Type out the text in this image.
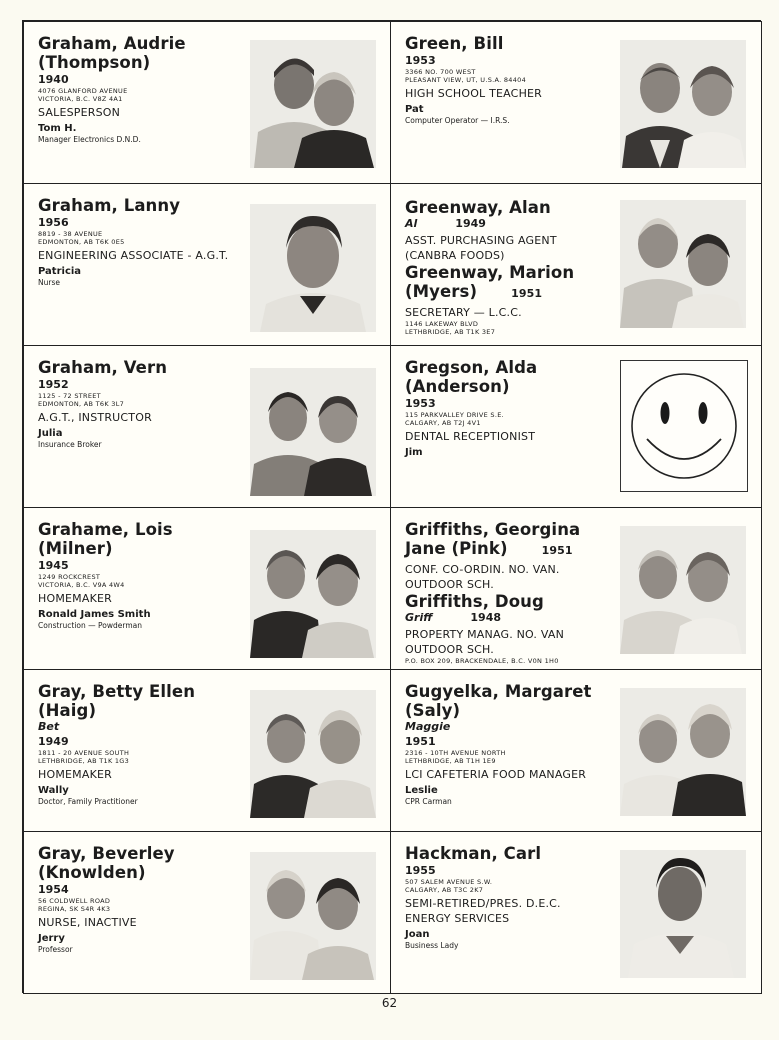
Graham, Audrie
(Thompson)
1940
4076 GLANFORD AVENUE
VICTORIA, B.C. V8Z 4A1
SALESPERSON
Tom H.
Manager Electronics D.N.D.
Green, Bill
1953
3366 NO. 700 WEST
PLEASANT VIEW, UT, U.S.A. 84404
HIGH SCHOOL TEACHER
Pat
Computer Operator — I.R.S.
Graham, Lanny
1956
8819 - 38 AVENUE
EDMONTON, AB T6K 0E5
ENGINEERING ASSOCIATE - A.G.T.
Patricia
Nurse
Greenway, Alan
Al	1949
ASST. PURCHASING AGENT
(CANBRA FOODS)
Greenway, Marion
(Myers)	1951
SECRETARY — L.C.C.
1146 LAKEWAY BLVD
LETHBRIDGE, AB T1K 3E7
Graham, Vern
1952
1125 - 72 STREET
EDMONTON, AB T6K 3L7
A.G.T., INSTRUCTOR
Julia
Insurance Broker
Gregson, Alda
(Anderson)
1953
115 PARKVALLEY DRIVE S.E.
CALGARY, AB T2J 4V1
DENTAL RECEPTIONIST
Jim
Grahame, Lois
(Milner)
1945
1249 ROCKCREST
VICTORIA, B.C. V9A 4W4
HOMEMAKER
Ronald James Smith
Construction — Powderman
Griffiths, Georgina
Jane (Pink)	1951
CONF. CO-ORDIN. NO. VAN.
OUTDOOR SCH.
Griffiths, Doug
Griff	1948
PROPERTY MANAG. NO. VAN
OUTDOOR SCH.
P.O. BOX 209, BRACKENDALE, B.C. V0N 1H0
Gray, Betty Ellen
(Haig)
Bet
1949
1811 - 20 AVENUE SOUTH
LETHBRIDGE, AB T1K 1G3
HOMEMAKER
Wally
Doctor, Family Practitioner
Gugyelka, Margaret
(Saly)
Maggie
1951
2316 - 10TH AVENUE NORTH
LETHBRIDGE, AB T1H 1E9
LCI CAFETERIA FOOD MANAGER
Leslie
CPR Carman
Gray, Beverley
(Knowlden)
1954
56 COLDWELL ROAD
REGINA, SK S4R 4K3
NURSE, INACTIVE
Jerry
Professor
Hackman, Carl
1955
507 SALEM AVENUE S.W.
CALGARY, AB T3C 2K7
SEMI-RETIRED/PRES. D.E.C.
ENERGY SERVICES
Joan
Business Lady
62
